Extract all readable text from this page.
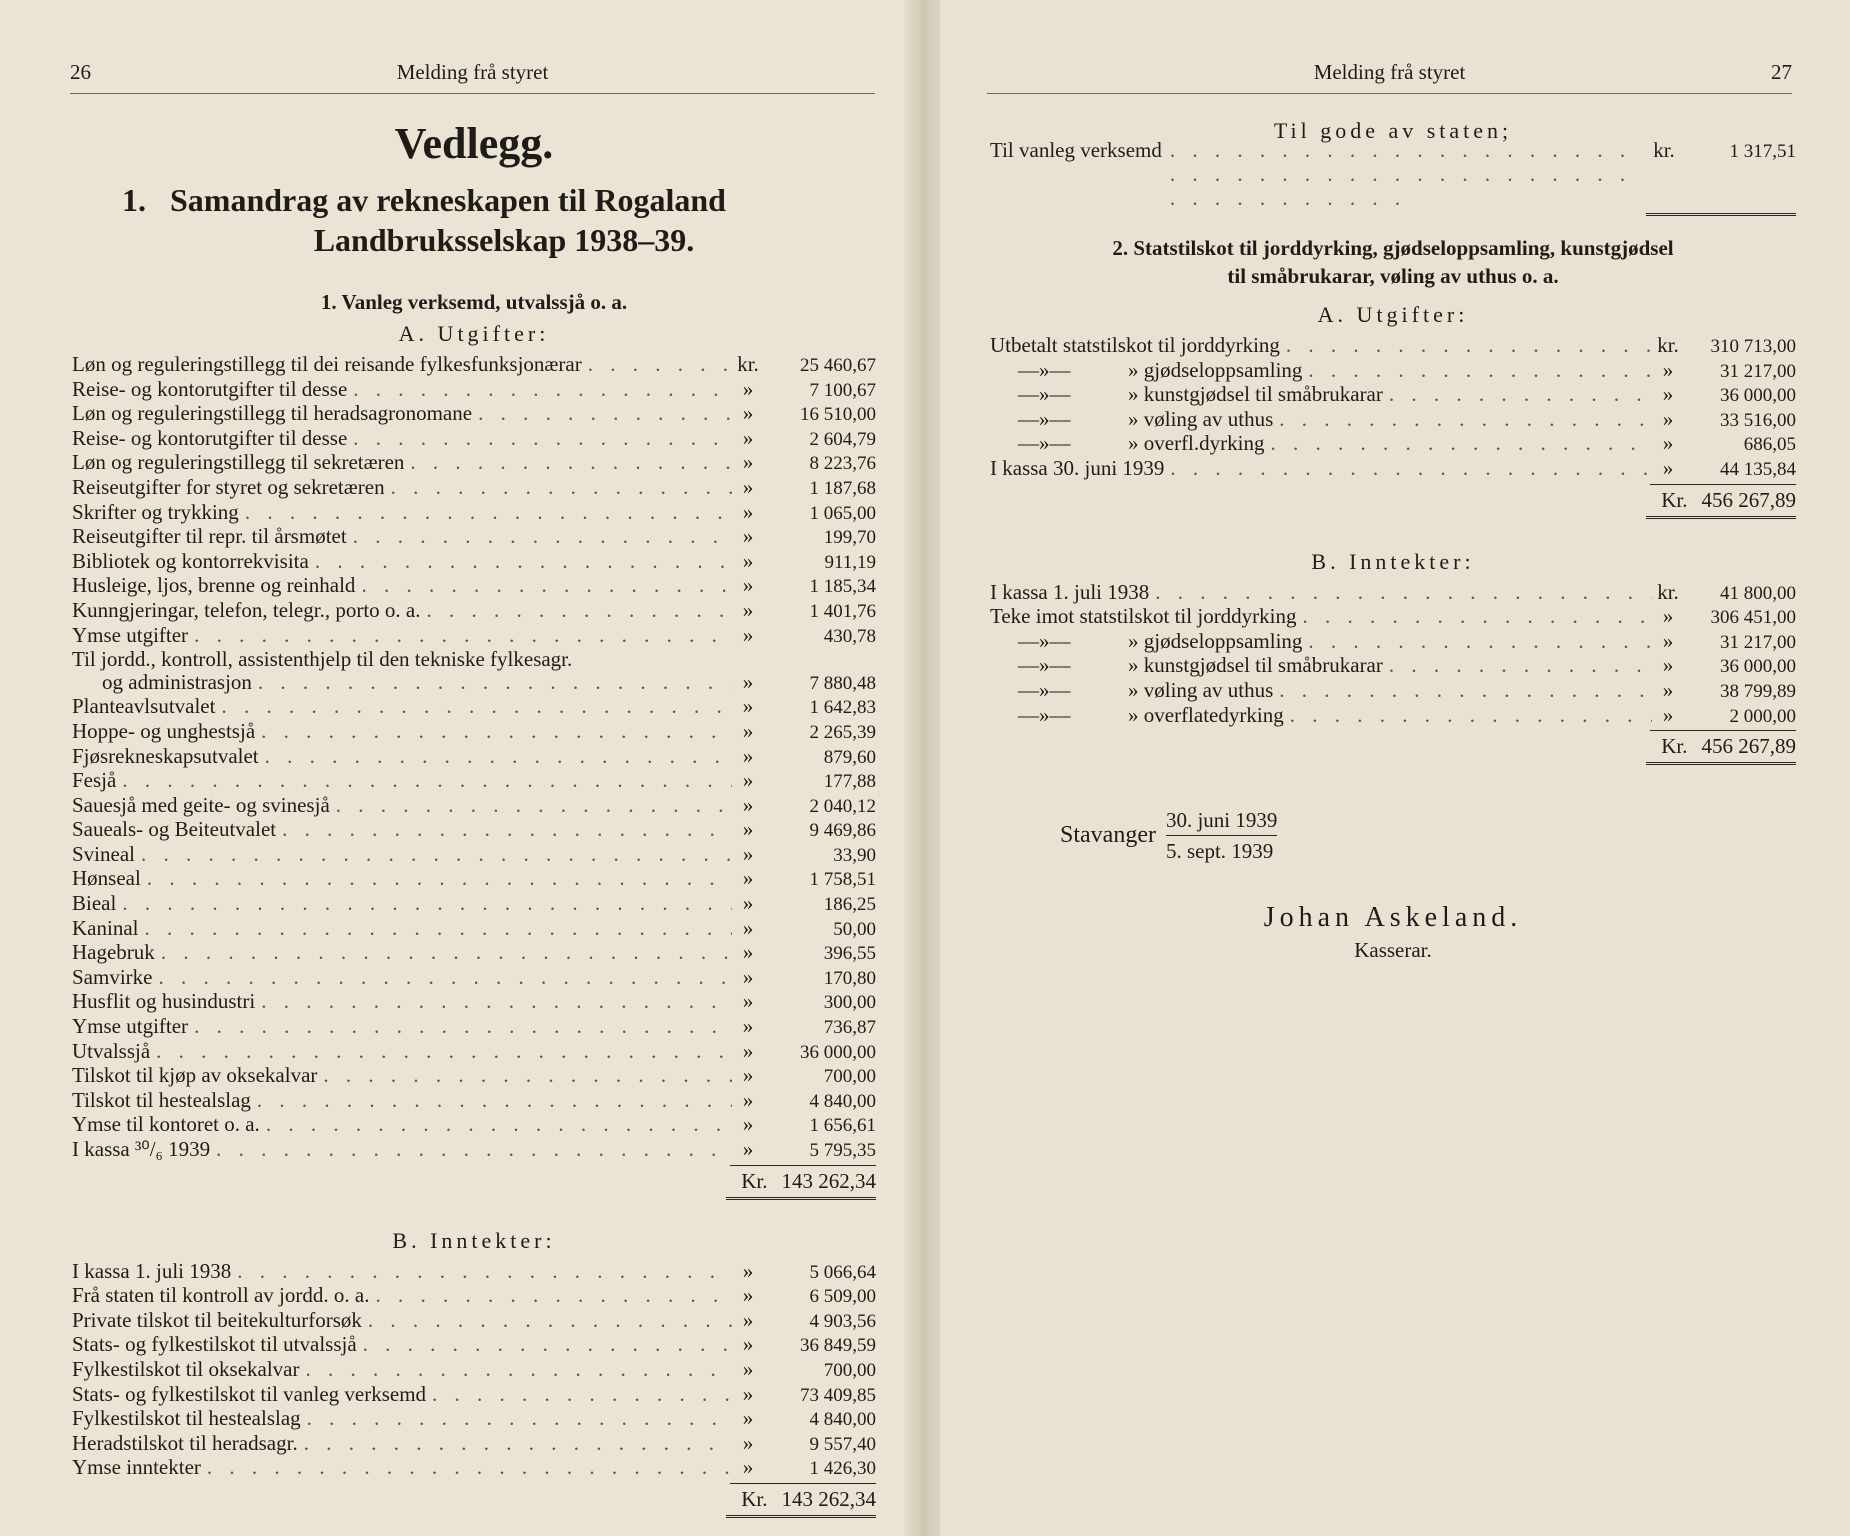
26	Melding frå styret
Vedlegg.
1. Samandrag av rekneskapen til Rogaland
Landbruksselskap 1938–39.
1. Vanleg verksemd, utvalssjå o. a.
A. Utgifter:
Løn og reguleringstillegg til dei reisande fylkesfunksjonærar . . .	kr.	25 460,67
Reise- og kontorutgifter til desse . . .	»	7 100,67
Løn og reguleringstillegg til heradsagronomane . . .	»	16 510,00
Reise- og kontorutgifter til desse . . .	»	2 604,79
Løn og reguleringstillegg til sekretæren . . .	»	8 223,76
Reiseutgifter for styret og sekretæren . . .	»	1 187,68
Skrifter og trykking . . .	»	1 065,00
Reiseutgifter til repr. til årsmøtet . . .	»	199,70
Bibliotek og kontorrekvisita . . .	»	911,19
Husleige, ljos, brenne og reinhald . . .	»	1 185,34
Kunngjeringar, telefon, telegr., porto o. a. . . .	»	1 401,76
Ymse utgifter . . .	»	430,78
Til jordd., kontroll, assistenthjelp til den tekniske fylkesagr.
og administrasjon . . .	»	7 880,48
Planteavlsutvalet . . .	»	1 642,83
Hoppe- og unghestsjå . . .	»	2 265,39
Fjøsrekneskapsutvalet . . .	»	879,60
Fesjå . . .	»	177,88
Sauesjå med geite- og svinesjå . . .	»	2 040,12
Saueals- og Beiteutvalet . . .	»	9 469,86
Svineal . . .	»	33,90
Hønseal . . .	»	1 758,51
Bieal . . .	»	186,25
Kaninal . . .	»	50,00
Hagebruk . . .	»	396,55
Samvirke . . .	»	170,80
Husflit og husindustri . . .	»	300,00
Ymse utgifter . . .	»	736,87
Utvalssjå . . .	»	36 000,00
Tilskot til kjøp av oksekalvar . . .	»	700,00
Tilskot til hestealslag . . .	»	4 840,00
Ymse til kontoret o. a. . . .	»	1 656,61
I kassa ³⁰/₆ 1939 . . .	»	5 795,35
Kr. 143 262,34
B. Inntekter:
I kassa 1. juli 1938 . . .	»	5 066,64
Frå staten til kontroll av jordd. o. a. . . .	»	6 509,00
Private tilskot til beitekulturforsøk . . .	»	4 903,56
Stats- og fylkestilskot til utvalssjå . . .	»	36 849,59
Fylkestilskot til oksekalvar . . .	»	700,00
Stats- og fylkestilskot til vanleg verksemd . . .	»	73 409,85
Fylkestilskot til hestealslag . . .	»	4 840,00
Heradstilskot til heradsagr. . . .	»	9 557,40
Ymse inntekter . . .	»	1 426,30
Kr. 143 262,34
Melding frå styret	27
Til gode av staten;
Til vanleg verksemd . . .	kr.	1 317,51
2. Statstilskot til jorddyrking, gjødseloppsamling, kunstgjødsel
til småbrukarar, vøling av uthus o. a.
A. Utgifter:
Utbetalt statstilskot til jorddyrking . . .	kr.	310 713,00
—»—	» gjødseloppsamling . . .	»	31 217,00
—»—	» kunstgjødsel til småbrukarar . . .	»	36 000,00
—»—	» vøling av uthus . . .	»	33 516,00
—»—	» overfl.dyrking . . .	»	686,05
I kassa 30. juni 1939 . . .	»	44 135,84
Kr. 456 267,89
B. Inntekter:
I kassa 1. juli 1938 . . .	kr.	41 800,00
Teke imot statstilskot til jorddyrking . . .	»	306 451,00
—»—	» gjødseloppsamling . . .	»	31 217,00
—»—	» kunstgjødsel til småbrukarar . . .	»	36 000,00
—»—	» vøling av uthus . . .	»	38 799,89
—»—	» overflatedyrking . . .	»	2 000,00
Kr. 456 267,89
Stavanger
30. juni 1939
5. sept. 1939
Johan Askeland.
Kasserar.
